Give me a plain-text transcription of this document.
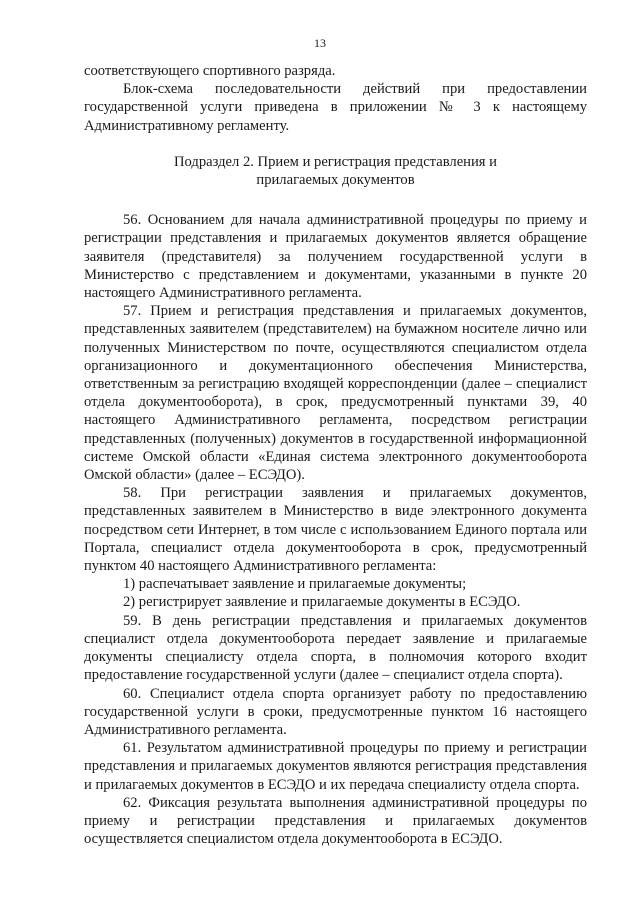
13

соответствующего спортивного разряда.

Блок-схема последовательности действий при предоставлении государственной услуги приведена в приложении № 3 к настоящему Административному регламенту.

Подраздел 2. Прием и регистрация представления и
прилагаемых документов

56. Основанием для начала административной процедуры по приему и регистрации представления и прилагаемых документов является обращение заявителя (представителя) за получением государственной услуги в Министерство с представлением и документами, указанными в пункте 20 настоящего Административного регламента.

57. Прием и регистрация представления и прилагаемых документов, представленных заявителем (представителем) на бумажном носителе лично или полученных Министерством по почте, осуществляются специалистом отдела организационного и документационного обеспечения Министерства, ответственным за регистрацию входящей корреспонденции (далее – специалист отдела документооборота), в срок, предусмотренный пунктами 39, 40 настоящего Административного регламента, посредством регистрации представленных (полученных) документов в государственной информационной системе Омской области «Единая система электронного документооборота Омской области» (далее – ЕСЭДО).

58. При регистрации заявления и прилагаемых документов, представленных заявителем в Министерство в виде электронного документа посредством сети Интернет, в том числе с использованием Единого портала или Портала, специалист отдела документооборота в срок, предусмотренный пунктом 40 настоящего Административного регламента:

1) распечатывает заявление и прилагаемые документы;

2) регистрирует заявление и прилагаемые документы в ЕСЭДО.

59. В день регистрации представления и прилагаемых документов специалист отдела документооборота передает заявление и прилагаемые документы специалисту отдела спорта, в полномочия которого входит предоставление государственной услуги (далее – специалист отдела спорта).

60. Специалист отдела спорта организует работу по предоставлению государственной услуги в сроки, предусмотренные пунктом 16 настоящего Административного регламента.

61. Результатом административной процедуры по приему и регистрации представления и прилагаемых документов являются регистрация представления и прилагаемых документов в ЕСЭДО и их передача специалисту отдела спорта.

62. Фиксация результата выполнения административной процедуры по приему и регистрации представления и прилагаемых документов осуществляется специалистом отдела документооборота в ЕСЭДО.
